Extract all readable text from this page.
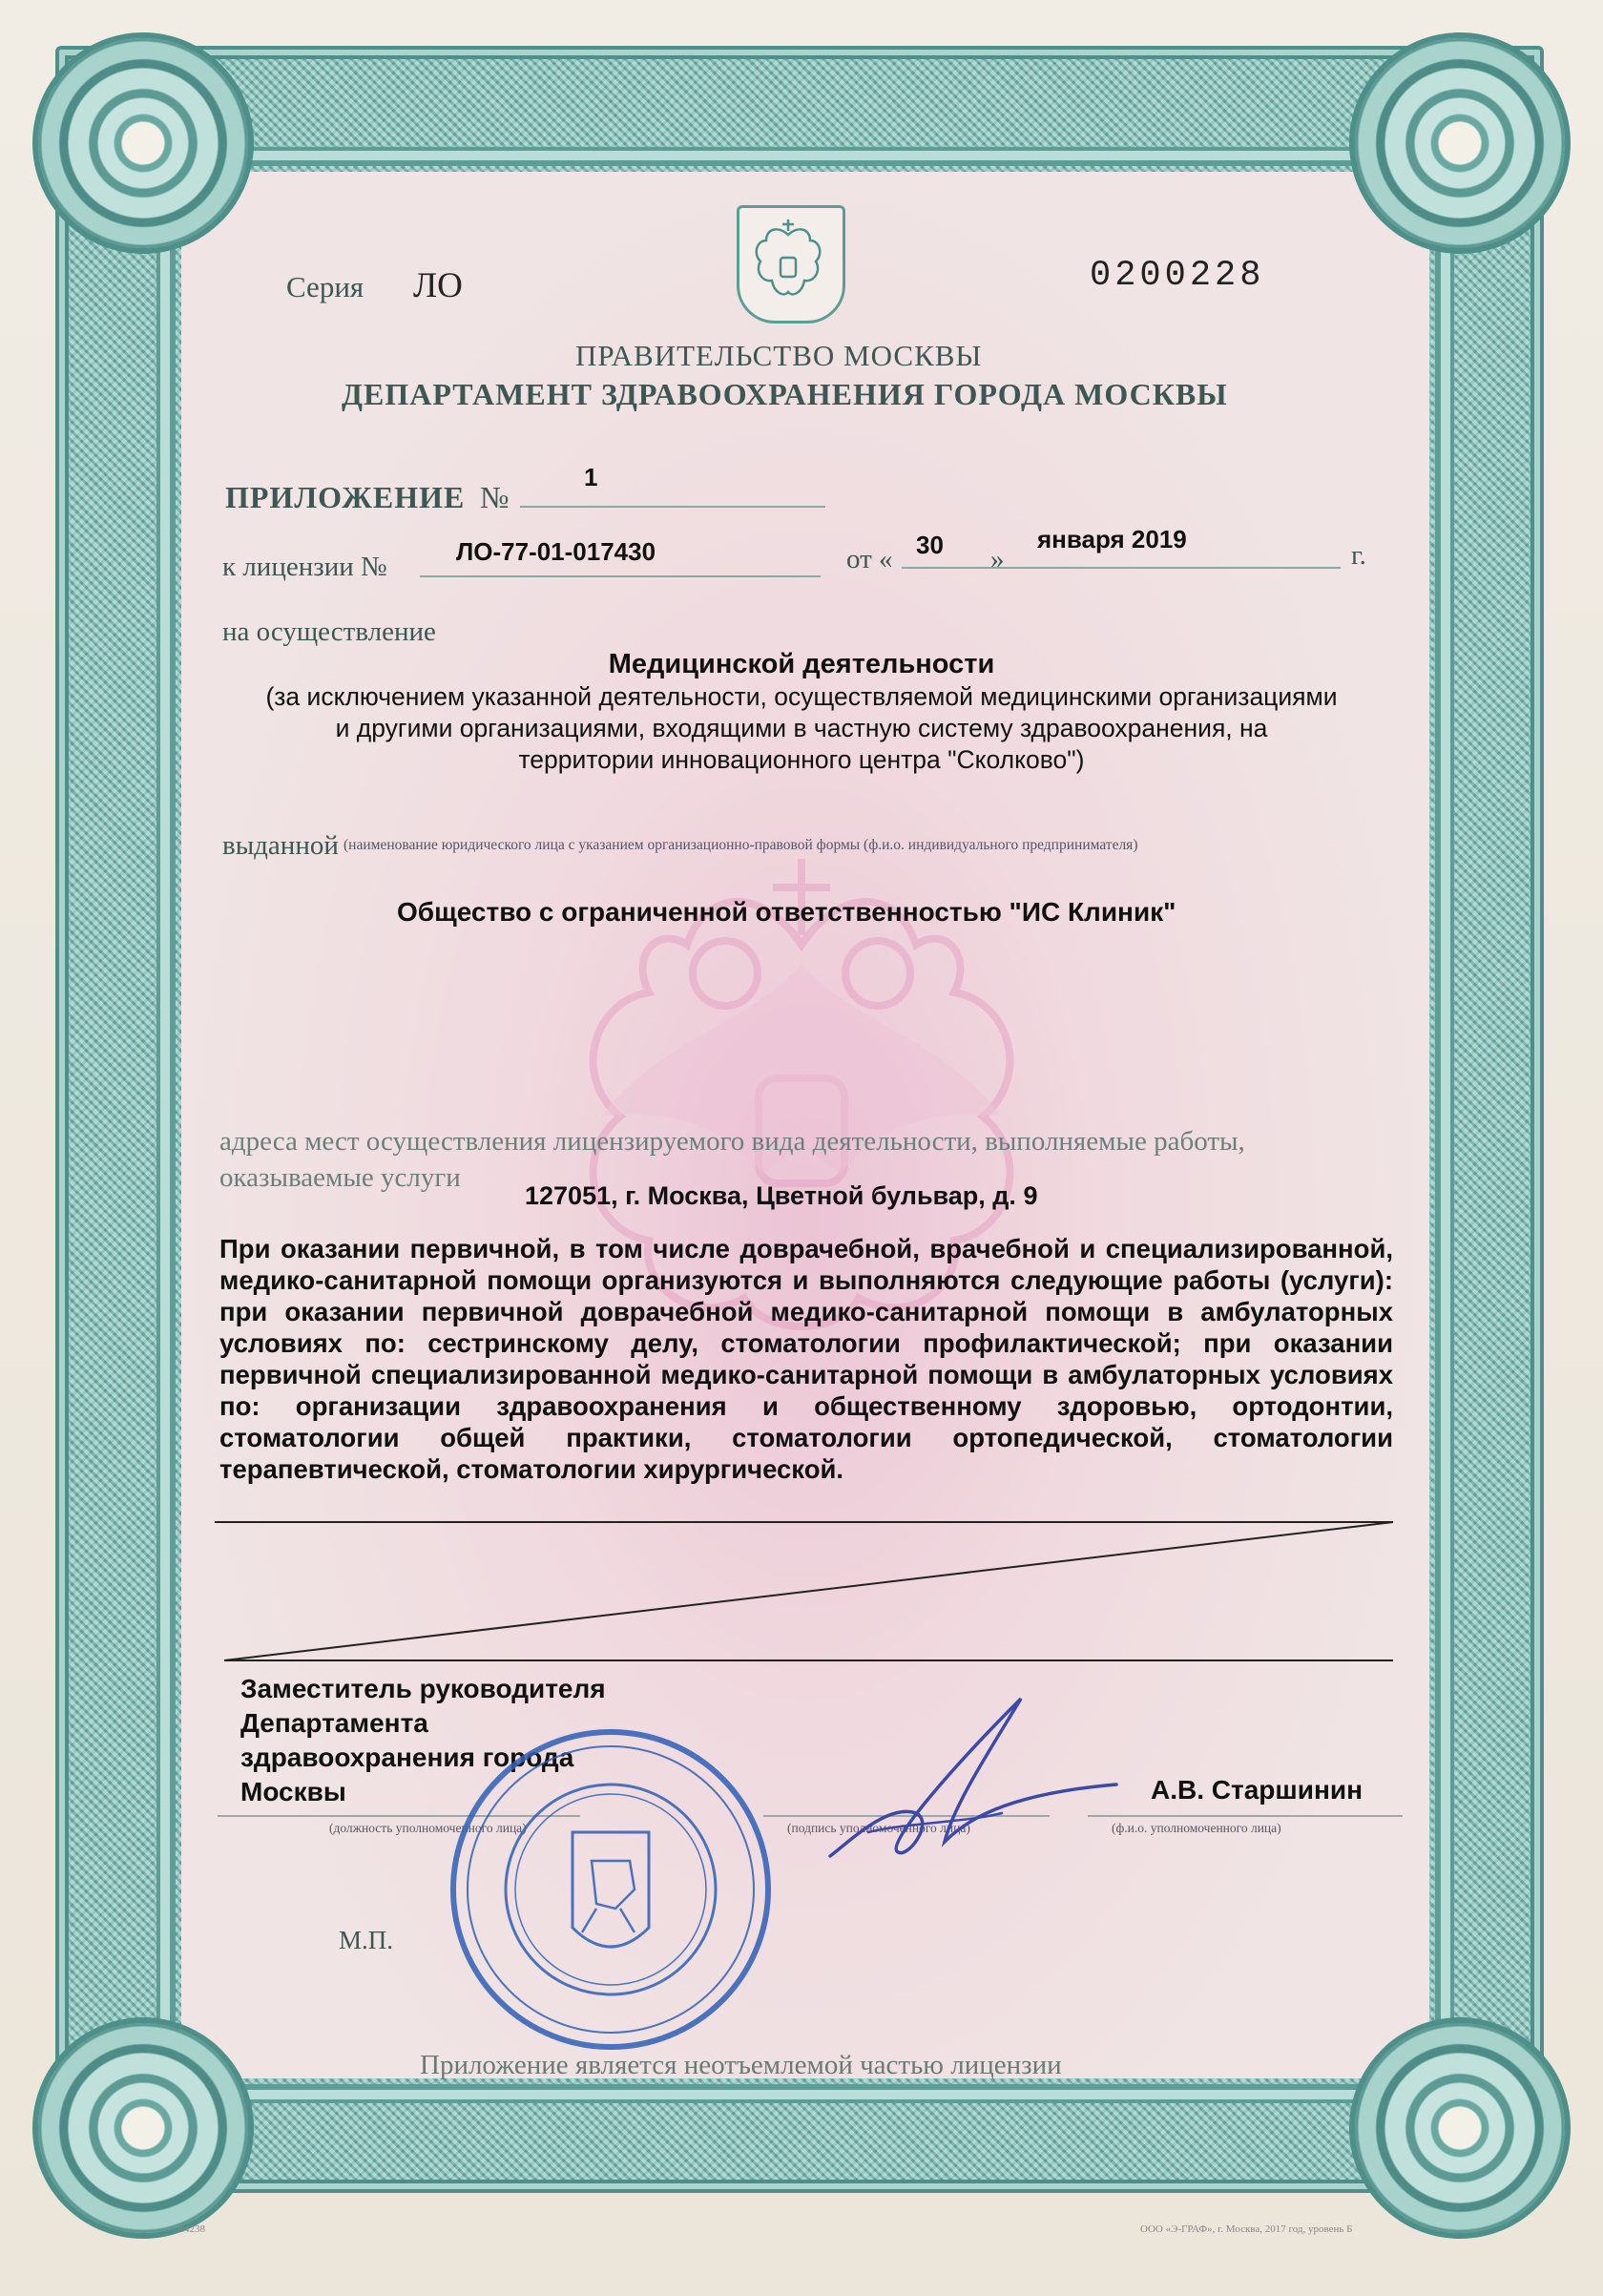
Серия ЛО	0200228
ПРАВИТЕЛЬСТВО МОСКВЫ
ДЕПАРТАМЕНТ ЗДРАВООХРАНЕНИЯ ГОРОДА МОСКВЫ
ПРИЛОЖЕНИЕ №
1
к лицензии №	ЛО-77-01-017430	от « 30 »
января 2019
г.
на осуществление
Медицинской деятельности
(за исключением указанной деятельности, осуществляемой медицинскими организациями
и другими организациями, входящими в частную систему здравоохранения, на
территории инновационного центра "Сколково")
выданной (наименование юридического лица с указанием организационно-правовой формы (ф.и.о. индивидуального предпринимателя)
Общество с ограниченной ответственностью "ИС Клиник"
адреса мест осуществления лицензируемого вида деятельности, выполняемые работы,
оказываемые услуги
127051, г. Москва, Цветной бульвар, д. 9
При оказании первичной, в том числе доврачебной, врачебной и специализированной, медико-санитарной помощи организуются и выполняются следующие работы (услуги): при оказании первичной доврачебной медико-санитарной помощи в амбулаторных условиях по: сестринскому делу, стоматологии профилактической; при оказании первичной специализированной медико-санитарной помощи в амбулаторных условиях по: организации здравоохранения и общественному здоровью, ортодонтии, стоматологии общей практики, стоматологии ортопедической, стоматологии терапевтической, стоматологии хирургической.
Заместитель руководителя
Департамента
здравоохранения города
Москвы	А.В. Старшинин
(должность уполномоченного лица)	(подпись уполномоченного лица)	(ф.и.о. уполномоченного лица)
М.П.
Приложение является неотъемлемой частью лицензии
А4238	ООО «Э-ГРАФ», г. Москва, 2017 год, уровень Б
